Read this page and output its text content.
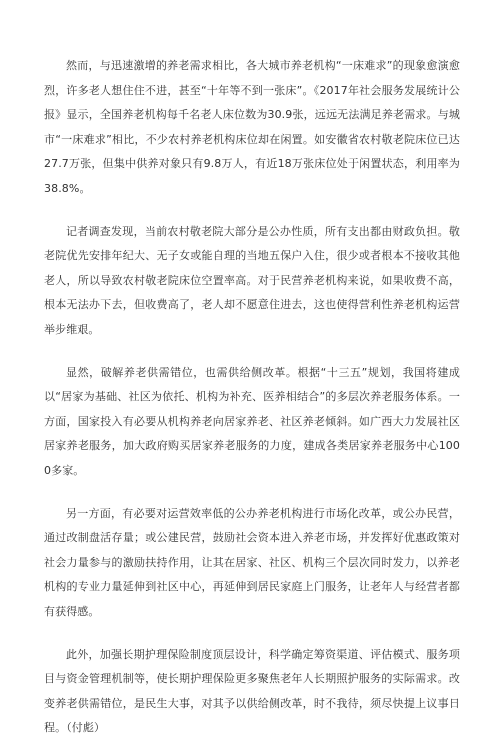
然而，与迅速激增的养老需求相比，各大城市养老机构“一床难求”的现象愈演愈烈，许多老人想住住不进，甚至“十年等不到一张床”。《2017年社会服务发展统计公报》显示，全国养老机构每千名老人床位数为30.9张，远远无法满足养老需求。与城市“一床难求”相比，不少农村养老机构床位却在闲置。如安徽省农村敬老院床位已达27.7万张，但集中供养对象只有9.8万人，有近18万张床位处于闲置状态，利用率为38.8%。

记者调查发现，当前农村敬老院大部分是公办性质，所有支出都由财政负担。敬老院优先安排年纪大、无子女或能自理的当地五保户入住，很少或者根本不接收其他老人，所以导致农村敬老院床位空置率高。对于民营养老机构来说，如果收费不高，根本无法办下去，但收费高了，老人却不愿意住进去，这也使得营利性养老机构运营举步维艰。

显然，破解养老供需错位，也需供给侧改革。根据“十三五”规划，我国将建成以“居家为基础、社区为依托、机构为补充、医养相结合”的多层次养老服务体系。一方面，国家投入有必要从机构养老向居家养老、社区养老倾斜。如广西大力发展社区居家养老服务，加大政府购买居家养老服务的力度，建成各类居家养老服务中心1000多家。

另一方面，有必要对运营效率低的公办养老机构进行市场化改革，或公办民营，通过改制盘活存量；或公建民营，鼓励社会资本进入养老市场，并发挥好优惠政策对社会力量参与的激励扶持作用，让其在居家、社区、机构三个层次同时发力，以养老机构的专业力量延伸到社区中心，再延伸到居民家庭上门服务，让老年人与经营者都有获得感。

此外，加强长期护理保险制度顶层设计，科学确定筹资渠道、评估模式、服务项目与资金管理机制等，使长期护理保险更多聚焦老年人长期照护服务的实际需求。改变养老供需错位，是民生大事，对其予以供给侧改革，时不我待，须尽快提上议事日程。（付彪）
